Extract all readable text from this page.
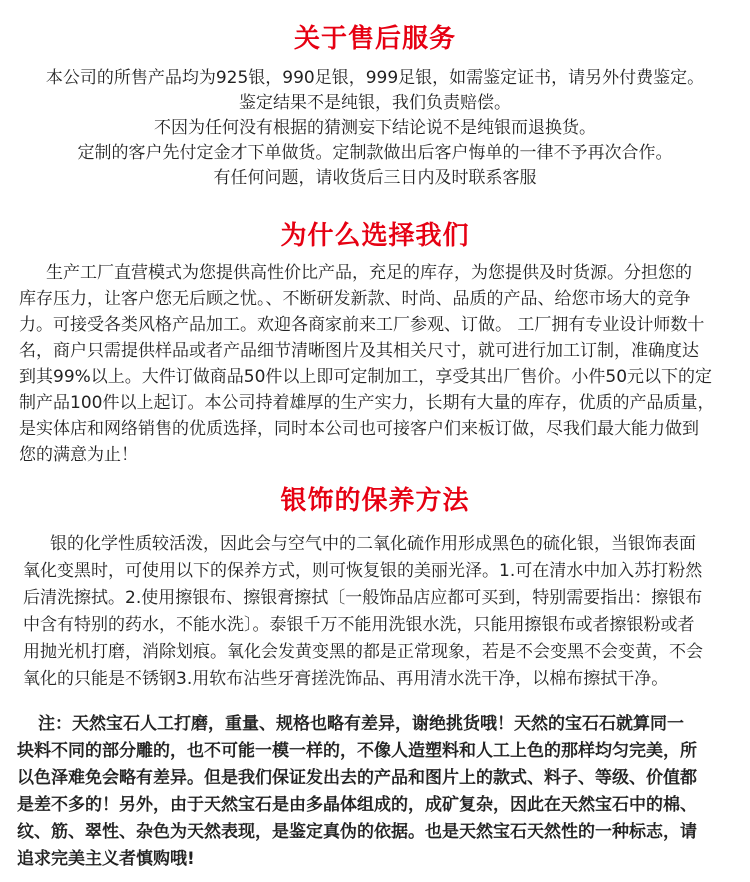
关于售后服务
本公司的所售产品均为925银，990足银，999足银，如需鉴定证书，请另外付费鉴定。
鉴定结果不是纯银，我们负责赔偿。
不因为任何没有根据的猜测妄下结论说不是纯银而退换货。
定制的客户先付定金才下单做货。定制款做出后客户悔单的一律不予再次合作。
有任何问题，请收货后三日内及时联系客服
为什么选择我们
生产工厂直营模式为您提供高性价比产品，充足的库存，为您提供及时货源。分担您的
库存压力，让客户您无后顾之忧。、不断研发新款、时尚、品质的产品、给您市场大的竞争
力。可接受各类风格产品加工。欢迎各商家前来工厂参观、订做。 工厂拥有专业设计师数十
名，商户只需提供样品或者产品细节清晰图片及其相关尺寸，就可进行加工订制，准确度达
到其99%以上。大件订做商品50件以上即可定制加工，享受其出厂售价。小件50元以下的定
制产品100件以上起订。本公司持着雄厚的生产实力，长期有大量的库存，优质的产品质量，
是实体店和网络销售的优质选择，同时本公司也可接客户们来板订做，尽我们最大能力做到
您的满意为止！
银饰的保养方法
银的化学性质较活泼，因此会与空气中的二氧化硫作用形成黑色的硫化银，当银饰表面
氧化变黑时，可使用以下的保养方式，则可恢复银的美丽光泽。1.可在清水中加入苏打粉然
后清洗擦拭。2.使用擦银布、擦银膏擦拭〔一般饰品店应都可买到，特别需要指出：擦银布
中含有特别的药水，不能水洗〕。泰银千万不能用洗银水洗，只能用擦银布或者擦银粉或者
用抛光机打磨，消除划痕。氧化会发黄变黑的都是正常现象，若是不会变黑不会变黄，不会
氧化的只能是不锈钢3.用软布沾些牙膏搓洗饰品、再用清水洗干净，以棉布擦拭干净。
注：天然宝石人工打磨，重量、规格也略有差异，谢绝挑货哦！天然的宝石石就算同一
块料不同的部分雕的，也不可能一模一样的，不像人造塑料和人工上色的那样均匀完美，所
以色泽难免会略有差异。但是我们保证发出去的产品和图片上的款式、料子、等级、价值都
是差不多的！另外，由于天然宝石是由多晶体组成的，成矿复杂，因此在天然宝石中的棉、
纹、筋、翠性、杂色为天然表现，是鉴定真伪的依据。也是天然宝石天然性的一种标志，请
追求完美主义者慎购哦!
